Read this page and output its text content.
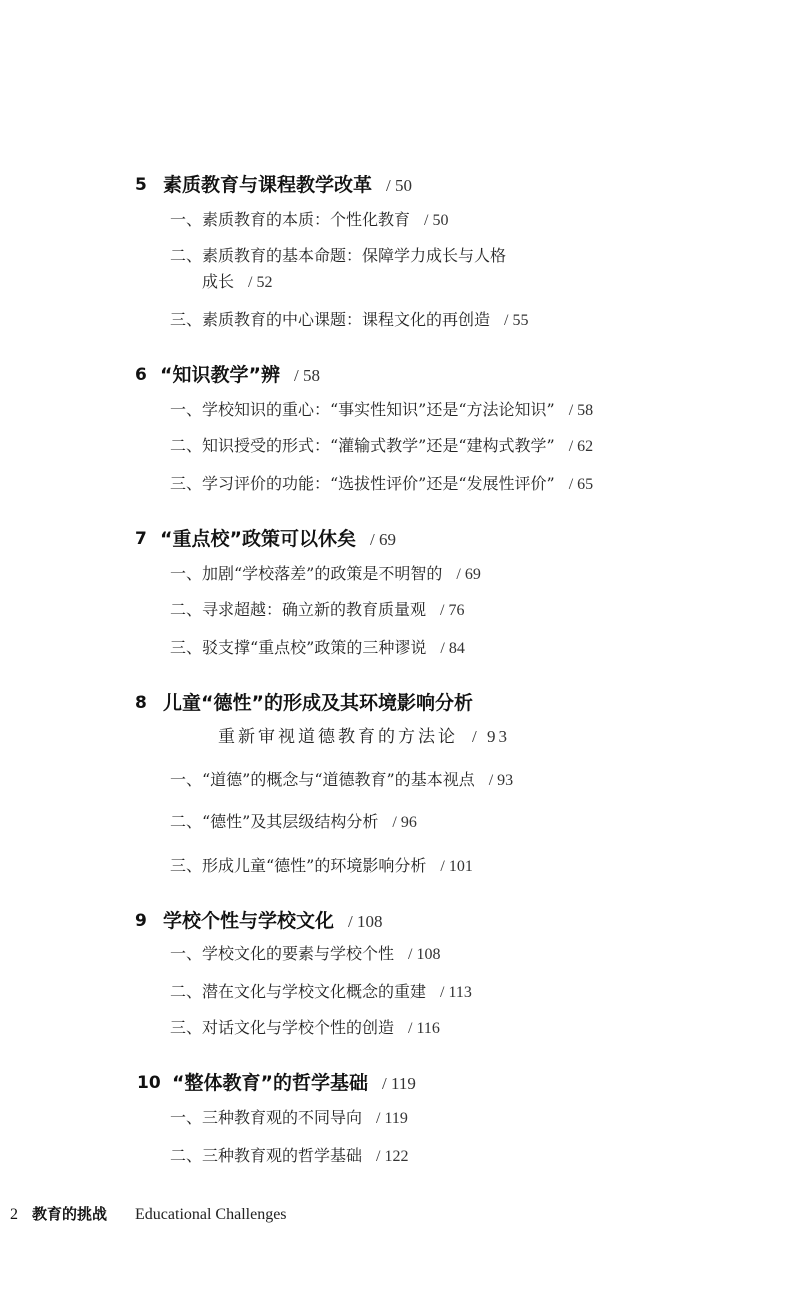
5 素质教育与课程教学改革 / 50
一、素质教育的本质：个性化教育 / 50
二、素质教育的基本命题：保障学力成长与人格
成长 / 52
三、素质教育的中心课题：课程文化的再创造 / 55
6 “知识教学”辨 / 58
一、学校知识的重心：“事实性知识”还是“方法论知识” / 58
二、知识授受的形式：“灌输式教学”还是“建构式教学” / 62
三、学习评价的功能：“选拔性评价”还是“发展性评价” / 65
7 “重点校”政策可以休矣 / 69
一、加剧“学校落差”的政策是不明智的 / 69
二、寻求超越：确立新的教育质量观 / 76
三、驳支撑“重点校”政策的三种谬说 / 84
8 儿童“德性”的形成及其环境影响分析
重新审视道德教育的方法论 / 93
一、“道德”的概念与“道德教育”的基本视点 / 93
二、“德性”及其层级结构分析 / 96
三、形成儿童“德性”的环境影响分析 / 101
9 学校个性与学校文化 / 108
一、学校文化的要素与学校个性 / 108
二、潜在文化与学校文化概念的重建 / 113
三、对话文化与学校个性的创造 / 116
10 “整体教育”的哲学基础 / 119
一、三种教育观的不同导向 / 119
二、三种教育观的哲学基础 / 122
2 教育的挑战 Educational Challenges
